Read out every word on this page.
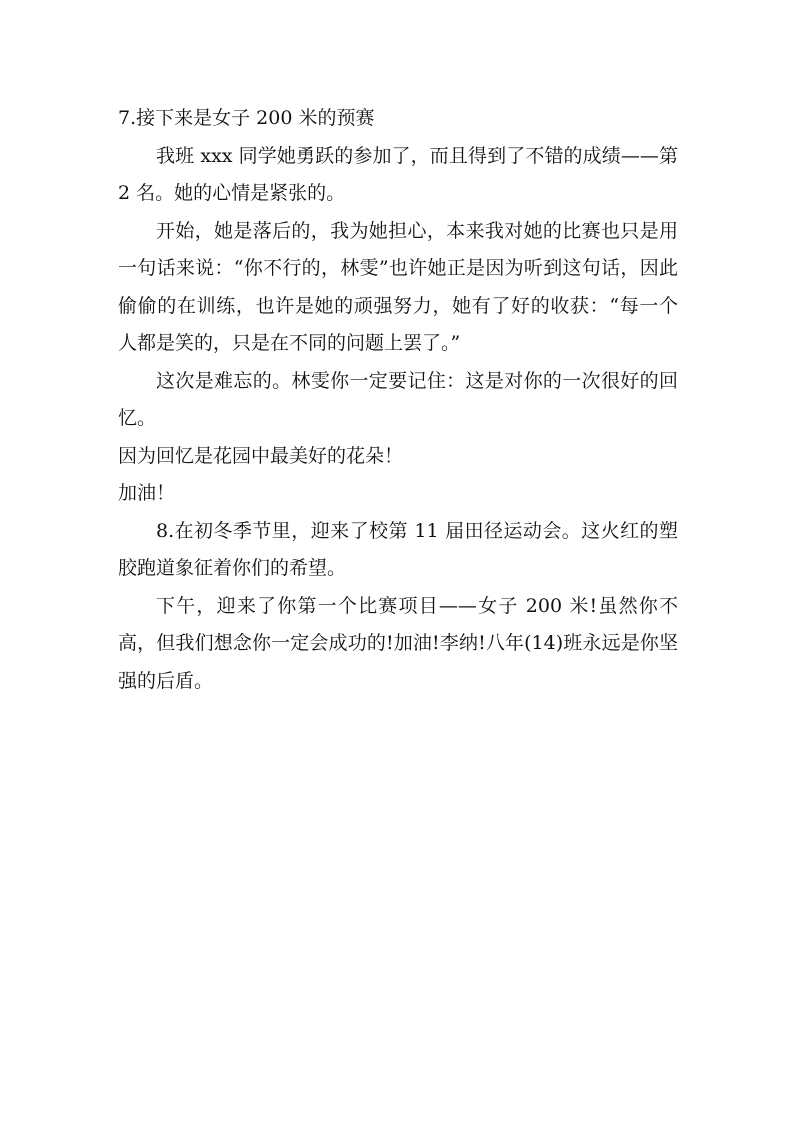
7.接下来是女子 200 米的预赛

我班 xxx 同学她勇跃的参加了，而且得到了不错的成绩——第 2 名。她的心情是紧张的。

开始，她是落后的，我为她担心，本来我对她的比赛也只是用一句话来说：“你不行的，林雯”也许她正是因为听到这句话，因此偷偷的在训练，也许是她的顽强努力，她有了好的收获：“每一个人都是笑的，只是在不同的问题上罢了。”

这次是难忘的。林雯你一定要记住：这是对你的一次很好的回忆。

因为回忆是花园中最美好的花朵！

加油！

8.在初冬季节里，迎来了校第 11 届田径运动会。这火红的塑胶跑道象征着你们的希望。

下午，迎来了你第一个比赛项目——女子 200 米!虽然你不高，但我们想念你一定会成功的!加油!李纳!八年(14)班永远是你坚强的后盾。
